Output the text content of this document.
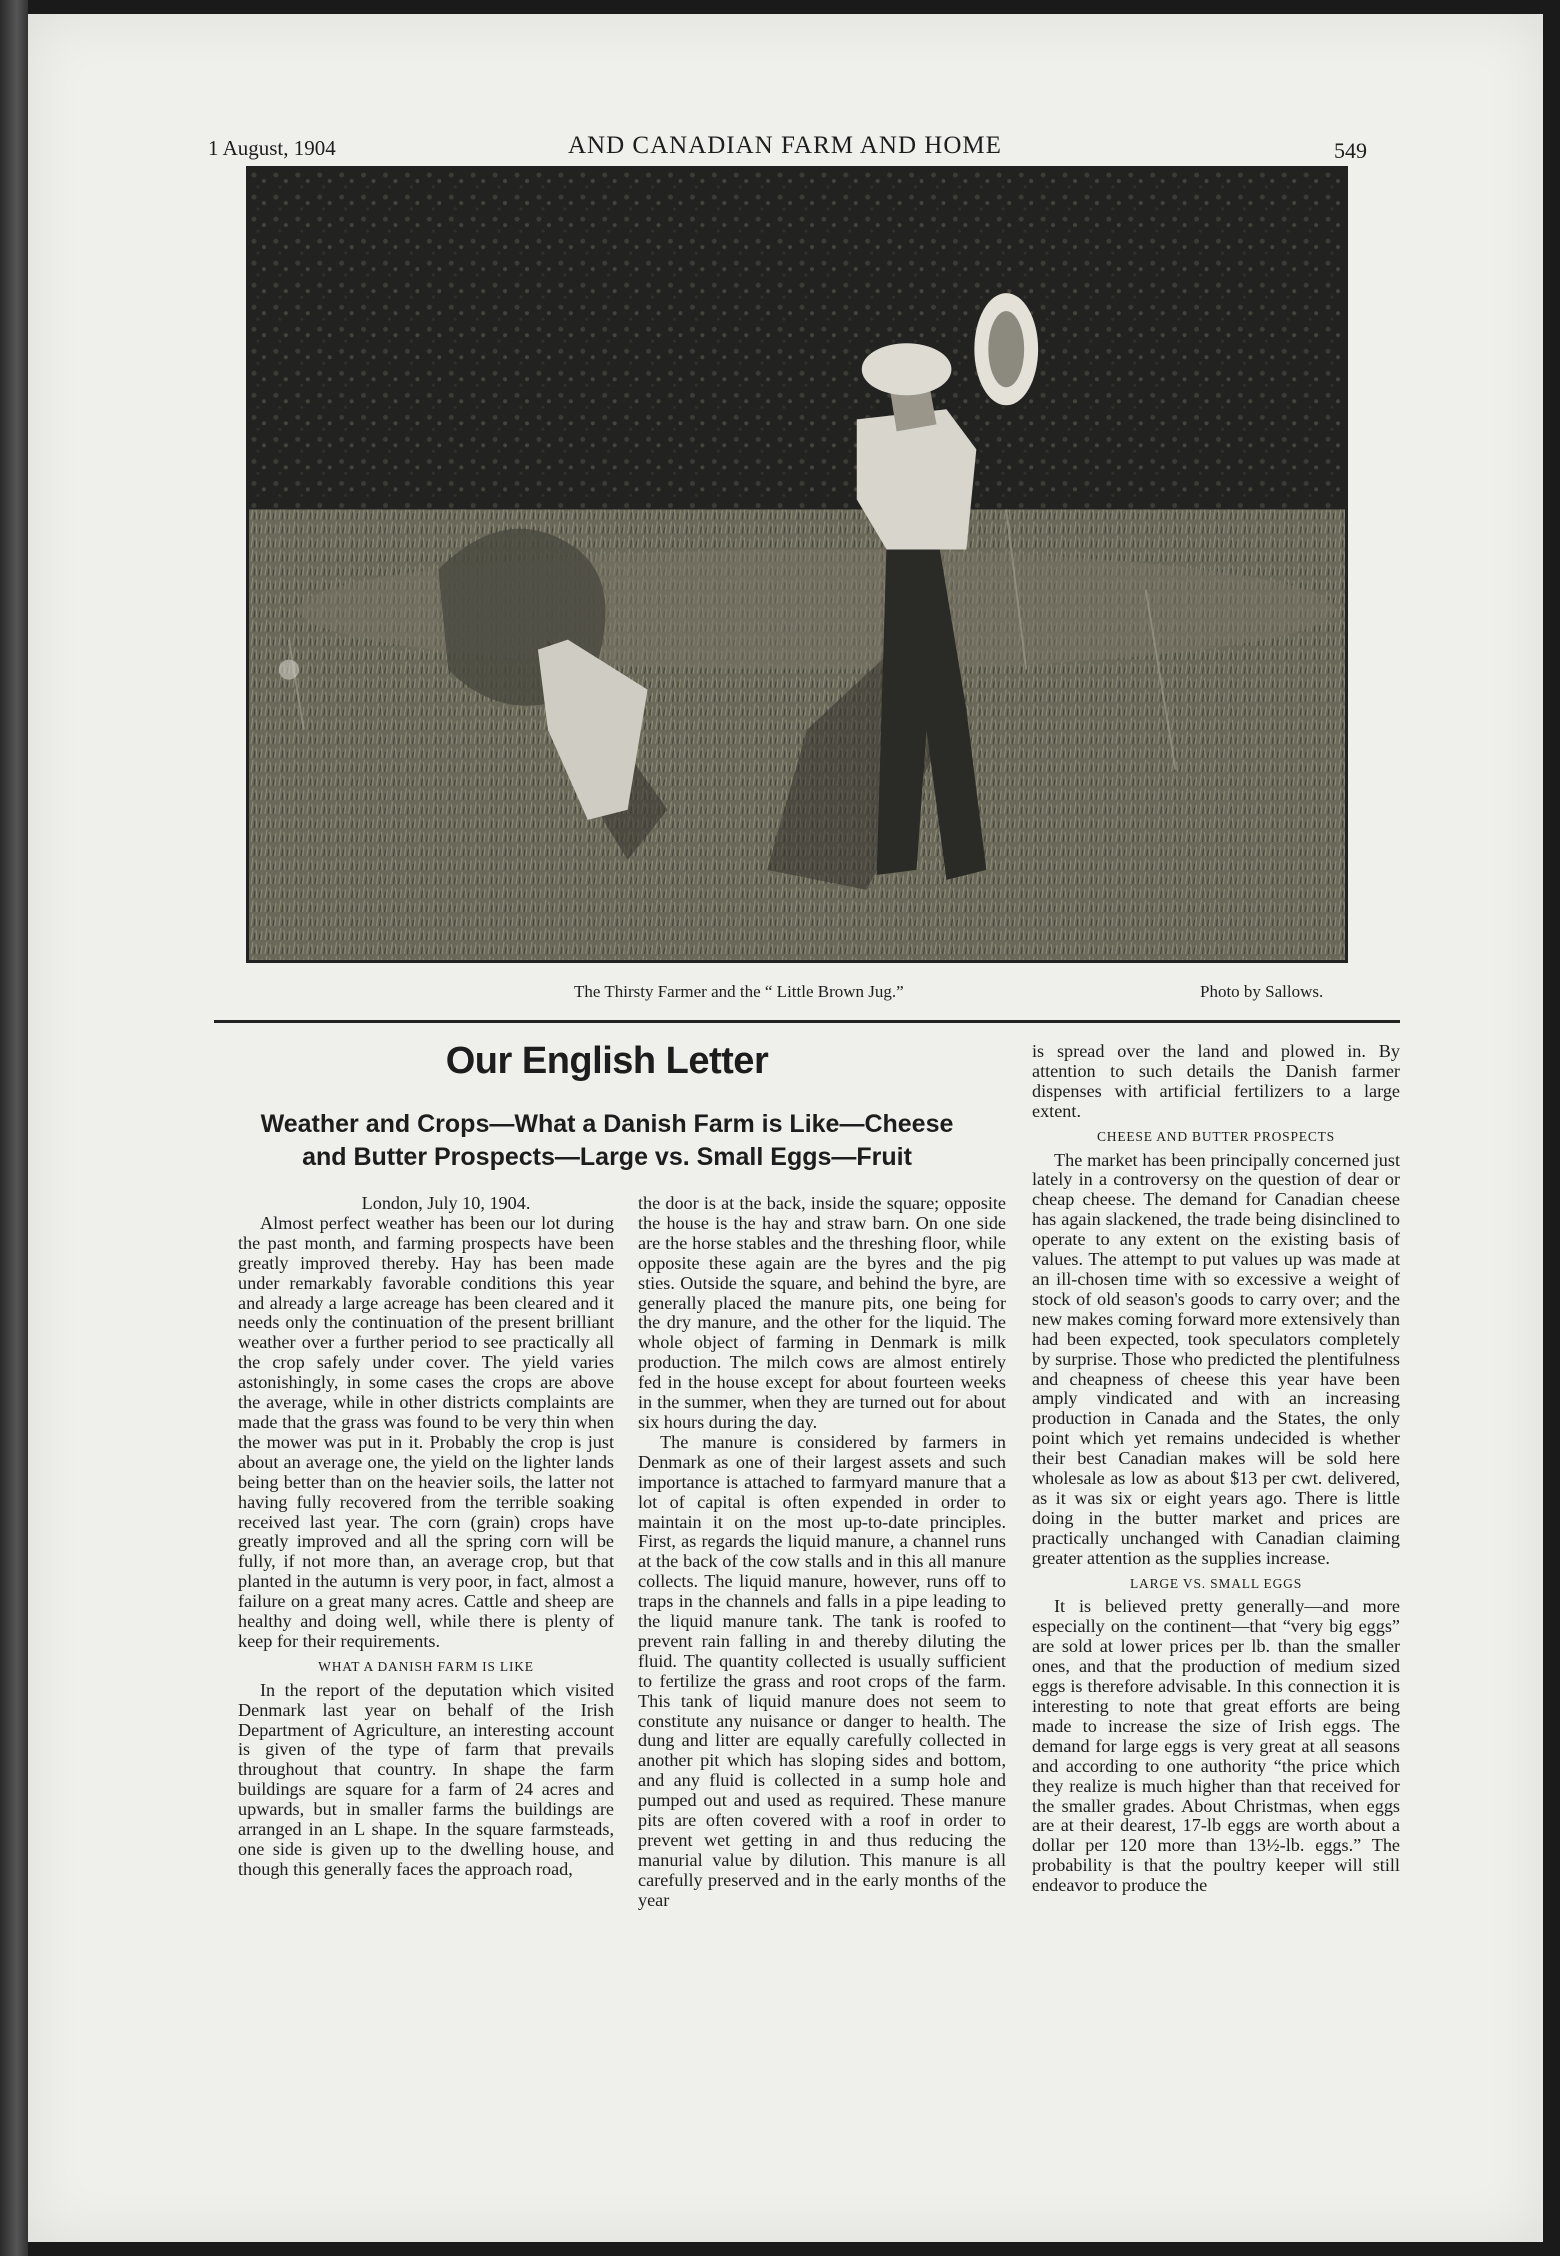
1 August, 1904	AND CANADIAN FARM AND HOME	549
The Thirsty Farmer and the “ Little Brown Jug.”	Photo by Sallows.
Our English Letter
Weather and Crops—What a Danish Farm is Like—Cheese
and Butter Prospects—Large vs. Small Eggs—Fruit

London, July 10, 1904.

Almost perfect weather has been our lot during the past month, and farming prospects have been greatly improved thereby. Hay has been made under remarkably favorable conditions this year and already a large acreage has been cleared and it needs only the continuation of the present brilliant weather over a further period to see practically all the crop safely under cover. The yield varies astonishingly, in some cases the crops are above the average, while in other districts complaints are made that the grass was found to be very thin when the mower was put in it. Probably the crop is just about an average one, the yield on the lighter lands being better than on the heavier soils, the latter not having fully recovered from the terrible soaking received last year. The corn (grain) crops have greatly improved and all the spring corn will be fully, if not more than, an average crop, but that planted in the autumn is very poor, in fact, almost a failure on a great many acres. Cattle and sheep are healthy and doing well, while there is plenty of keep for their requirements.

WHAT A DANISH FARM IS LIKE

In the report of the deputation which visited Denmark last year on behalf of the Irish Department of Agriculture, an interesting account is given of the type of farm that prevails throughout that country. In shape the farm buildings are square for a farm of 24 acres and upwards, but in smaller farms the buildings are arranged in an L shape. In the square farmsteads, one side is given up to the dwelling house, and though this generally faces the approach road,

the door is at the back, inside the square; opposite the house is the hay and straw barn. On one side are the horse stables and the threshing floor, while opposite these again are the byres and the pig sties. Outside the square, and behind the byre, are generally placed the manure pits, one being for the dry manure, and the other for the liquid. The whole object of farming in Denmark is milk production. The milch cows are almost entirely fed in the house except for about fourteen weeks in the summer, when they are turned out for about six hours during the day.

The manure is considered by farmers in Denmark as one of their largest assets and such importance is attached to farmyard manure that a lot of capital is often expended in order to maintain it on the most up-to-date principles. First, as regards the liquid manure, a channel runs at the back of the cow stalls and in this all manure collects. The liquid manure, however, runs off to traps in the channels and falls in a pipe leading to the liquid manure tank. The tank is roofed to prevent rain falling in and thereby diluting the fluid. The quantity collected is usually sufficient to fertilize the grass and root crops of the farm. This tank of liquid manure does not seem to constitute any nuisance or danger to health. The dung and litter are equally carefully collected in another pit which has sloping sides and bottom, and any fluid is collected in a sump hole and pumped out and used as required. These manure pits are often covered with a roof in order to prevent wet getting in and thus reducing the manurial value by dilution. This manure is all carefully preserved and in the early months of the year

is spread over the land and plowed in. By attention to such details the Danish farmer dispenses with artificial fertilizers to a large extent.

CHEESE AND BUTTER PROSPECTS

The market has been principally concerned just lately in a controversy on the question of dear or cheap cheese. The demand for Canadian cheese has again slackened, the trade being disinclined to operate to any extent on the existing basis of values. The attempt to put values up was made at an ill-chosen time with so excessive a weight of stock of old season's goods to carry over; and the new makes coming forward more extensively than had been expected, took speculators completely by surprise. Those who predicted the plentifulness and cheapness of cheese this year have been amply vindicated and with an increasing production in Canada and the States, the only point which yet remains undecided is whether their best Canadian makes will be sold here wholesale as low as about $13 per cwt. delivered, as it was six or eight years ago. There is little doing in the butter market and prices are practically unchanged with Canadian claiming greater attention as the supplies increase.

LARGE VS. SMALL EGGS

It is believed pretty generally—and more especially on the continent—that “very big eggs” are sold at lower prices per lb. than the smaller ones, and that the production of medium sized eggs is therefore advisable. In this connection it is interesting to note that great efforts are being made to increase the size of Irish eggs. The demand for large eggs is very great at all seasons and according to one authority “the price which they realize is much higher than that received for the smaller grades. About Christmas, when eggs are at their dearest, 17-lb eggs are worth about a dollar per 120 more than 13½-lb. eggs.” The probability is that the poultry keeper will still endeavor to produce the
